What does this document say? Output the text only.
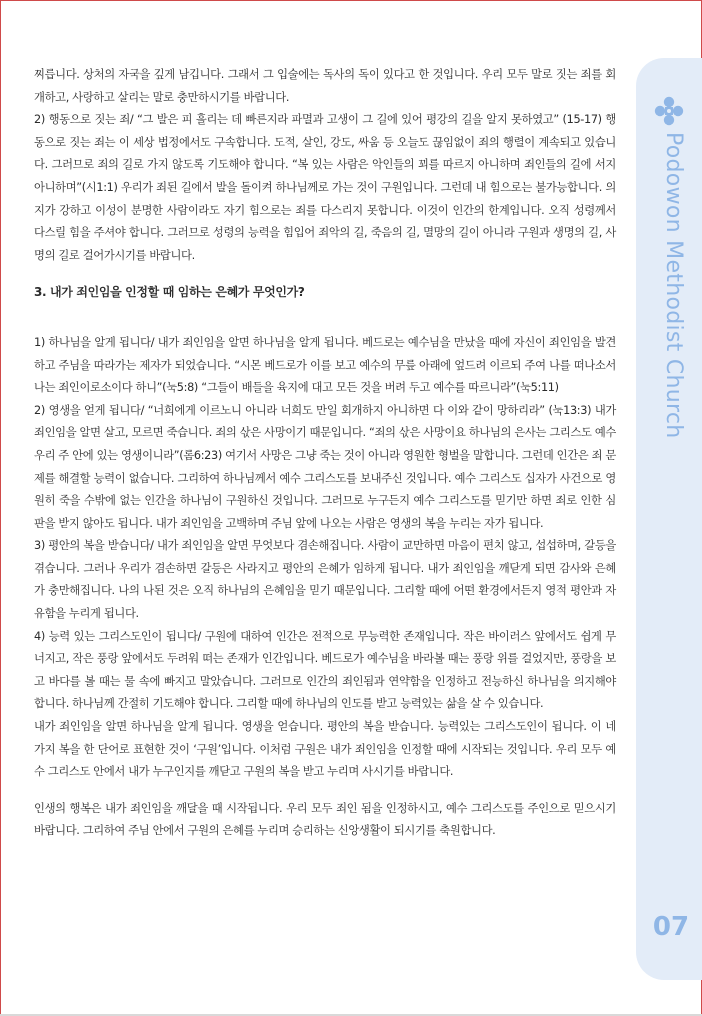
찌릅니다. 상처의 자국을 깊게 남깁니다. 그래서 그 입술에는 독사의 독이 있다고 한 것입니다. 우리 모두 말로 짓는 죄를 회개하고, 사랑하고 살리는 말로 충만하시기를 바랍니다.

2) 행동으로 짓는 죄/ “그 발은 피 흘리는 데 빠른지라 파멸과 고생이 그 길에 있어 평강의 길을 알지 못하였고” (15-17) 행동으로 짓는 죄는 이 세상 법정에서도 구속합니다. 도적, 살인, 강도, 싸움 등 오늘도 끊임없이 죄의 행렬이 계속되고 있습니다. 그러므로 죄의 길로 가지 않도록 기도해야 합니다. “복 있는 사람은 악인들의 꾀를 따르지 아니하며 죄인들의 길에 서지 아니하며”(시1:1) 우리가 죄된 길에서 발을 돌이켜 하나님께로 가는 것이 구원입니다. 그런데 내 힘으로는 불가능합니다. 의지가 강하고 이성이 분명한 사람이라도 자기 힘으로는 죄를 다스리지 못합니다. 이것이 인간의 한계입니다. 오직 성령께서 다스릴 힘을 주셔야 합니다. 그러므로 성령의 능력을 힘입어 죄악의 길, 죽음의 길, 멸망의 길이 아니라 구원과 생명의 길, 사명의 길로 걸어가시기를 바랍니다.

3. 내가 죄인임을 인정할 때 임하는 은혜가 무엇인가?

1) 하나님을 알게 됩니다/ 내가 죄인임을 알면 하나님을 알게 됩니다. 베드로는 예수님을 만났을 때에 자신이 죄인임을 발견하고 주님을 따라가는 제자가 되었습니다. “시몬 베드로가 이를 보고 예수의 무릎 아래에 엎드려 이르되 주여 나를 떠나소서 나는 죄인이로소이다 하니”(눅5:8) “그들이 배들을 육지에 대고 모든 것을 버려 두고 예수를 따르니라”(눅5:11)

2) 영생을 얻게 됩니다/ “너희에게 이르노니 아니라 너희도 만일 회개하지 아니하면 다 이와 같이 망하리라” (눅13:3) 내가 죄인임을 알면 살고, 모르면 죽습니다. 죄의 삯은 사망이기 때문입니다. “죄의 삯은 사망이요 하나님의 은사는 그리스도 예수 우리 주 안에 있는 영생이니라”(롬6:23) 여기서 사망은 그냥 죽는 것이 아니라 영원한 형벌을 말합니다. 그런데 인간은 죄 문제를 해결할 능력이 없습니다. 그리하여 하나님께서 예수 그리스도를 보내주신 것입니다. 예수 그리스도 십자가 사건으로 영원히 죽을 수밖에 없는 인간을 하나님이 구원하신 것입니다. 그러므로 누구든지 예수 그리스도를 믿기만 하면 죄로 인한 심판을 받지 않아도 됩니다. 내가 죄인임을 고백하며 주님 앞에 나오는 사람은 영생의 복을 누리는 자가 됩니다.

3) 평안의 복을 받습니다/ 내가 죄인임을 알면 무엇보다 겸손해집니다. 사람이 교만하면 마음이 편치 않고, 섭섭하며, 갈등을 겪습니다. 그러나 우리가 겸손하면 갈등은 사라지고 평안의 은혜가 임하게 됩니다. 내가 죄인임을 깨닫게 되면 감사와 은혜가 충만해집니다. 나의 나된 것은 오직 하나님의 은혜임을 믿기 때문입니다. 그리할 때에 어떤 환경에서든지 영적 평안과 자유함을 누리게 됩니다.

4) 능력 있는 그리스도인이 됩니다/ 구원에 대하여 인간은 전적으로 무능력한 존재입니다. 작은 바이러스 앞에서도 쉽게 무너지고, 작은 풍랑 앞에서도 두려워 떠는 존재가 인간입니다. 베드로가 예수님을 바라볼 때는 풍랑 위를 걸었지만, 풍랑을 보고 바다를 볼 때는 물 속에 빠지고 말았습니다. 그러므로 인간의 죄인됨과 연약함을 인정하고 전능하신 하나님을 의지해야 합니다. 하나님께 간절히 기도해야 합니다. 그리할 때에 하나님의 인도를 받고 능력있는 삶을 살 수 있습니다.

내가 죄인임을 알면 하나님을 알게 됩니다. 영생을 얻습니다. 평안의 복을 받습니다. 능력있는 그리스도인이 됩니다. 이 네 가지 복을 한 단어로 표현한 것이 ‘구원’입니다. 이처럼 구원은 내가 죄인임을 인정할 때에 시작되는 것입니다. 우리 모두 예수 그리스도 안에서 내가 누구인지를 깨닫고 구원의 복을 받고 누리며 사시기를 바랍니다.

인생의 행복은 내가 죄인임을 깨달을 때 시작됩니다. 우리 모두 죄인 됨을 인정하시고, 예수 그리스도를 주인으로 믿으시기 바랍니다. 그리하여 주님 안에서 구원의 은혜를 누리며 승리하는 신앙생활이 되시기를 축원합니다.

Podowon Methodist Church
07
